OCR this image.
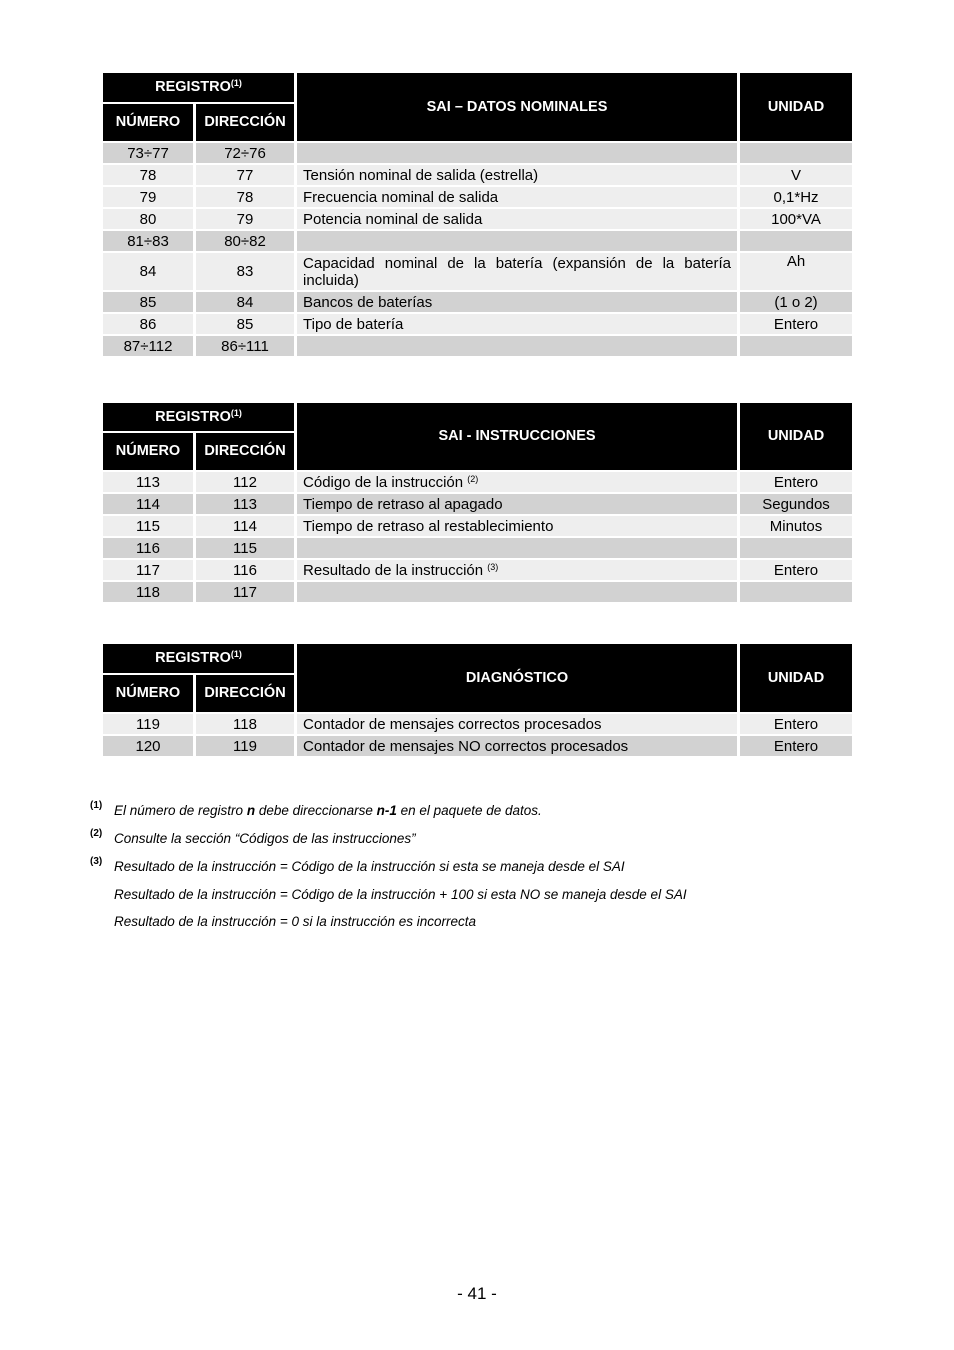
REGISTRO$^{(1)}$		SAI – DATOS NOMINALES	UNIDAD
NÚMERO	DIRECCIÓN		
73÷77	72÷76		
78	77	Tensión nominal de salida (estrella)	V
79	78	Frecuencia nominal de salida	0,1*Hz
80	79	Potencia nominal de salida	100*VA
81÷83	80÷82		
84	83	Capacidad nominal de la batería (expansión de la batería incluida)	Ah
85	84	Bancos de baterías	(1 o 2)
86	85	Tipo de batería	Entero
87÷112	86÷111		
REGISTRO$^{(1)}$		SAI - INSTRUCCIONES	UNIDAD
NÚMERO	DIRECCIÓN		
113	112	Código de la instrucción $^{(2)}$	Entero
114	113	Tiempo de retraso al apagado	Segundos
115	114	Tiempo de retraso al restablecimiento	Minutos
116	115		
117	116	Resultado de la instrucción $^{(3)}$	Entero
118	117		
REGISTRO$^{(1)}$		DIAGNÓSTICO	UNIDAD
NÚMERO	DIRECCIÓN		
119	118	Contador de mensajes correctos procesados	Entero
120	119	Contador de mensajes NO correctos procesados	Entero
(1) El número de registro n debe direccionarse n-1 en el paquete de datos.
(2) Consulte la sección “Códigos de las instrucciones”
(3) Resultado de la instrucción = Código de la instrucción si esta se maneja desde el SAI
Resultado de la instrucción = Código de la instrucción + 100 si esta NO se maneja desde el SAI
Resultado de la instrucción = 0 si la instrucción es incorrecta
- 41 -
